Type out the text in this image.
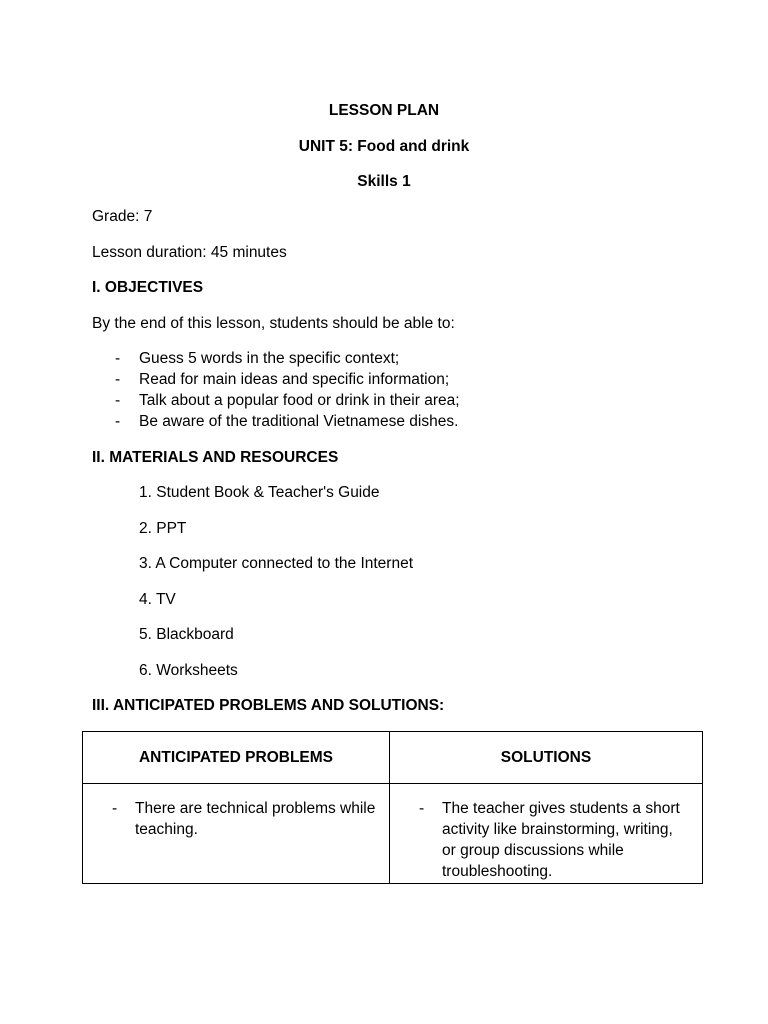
LESSON PLAN
UNIT 5: Food and drink
Skills 1
Grade: 7
Lesson duration: 45 minutes
I. OBJECTIVES
By the end of this lesson, students should be able to:
- Guess 5 words in the specific context;
- Read for main ideas and specific information;
- Talk about a popular food or drink in their area;
- Be aware of the traditional Vietnamese dishes.
II. MATERIALS AND RESOURCES
1. Student Book & Teacher's Guide
2. PPT
3. A Computer connected to the Internet
4. TV
5. Blackboard
6. Worksheets
III. ANTICIPATED PROBLEMS AND SOLUTIONS:
ANTICIPATED PROBLEMS	SOLUTIONS

- There are technical problems while teaching.	- The teacher gives students a short activity like brainstorming, writing, or group discussions while troubleshooting.
